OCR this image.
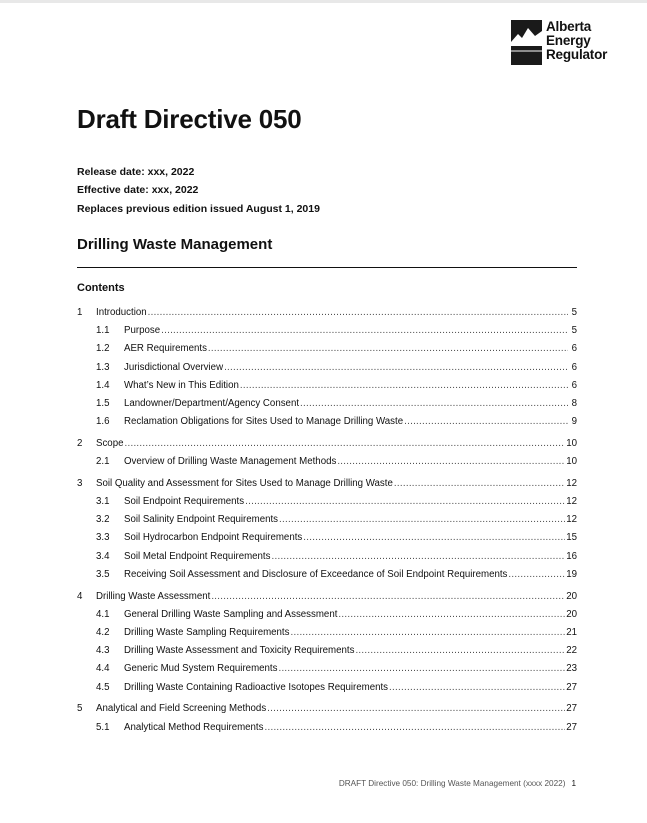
Alberta
Energy
Regulator
Draft Directive 050
Release date: xxx, 2022
Effective date: xxx, 2022
Replaces previous edition issued August 1, 2019
Drilling Waste Management
Contents
1	Introduction .....	5
1.1	Purpose .....	5
1.2	AER Requirements .....	6
1.3	Jurisdictional Overview .....	6
1.4	What’s New in This Edition .....	6
1.5	Landowner/Department/Agency Consent .....	8
1.6	Reclamation Obligations for Sites Used to Manage Drilling Waste .....	9
2	Scope .....	10
2.1	Overview of Drilling Waste Management Methods .....	10
3	Soil Quality and Assessment for Sites Used to Manage Drilling Waste .....	12
3.1	Soil Endpoint Requirements .....	12
3.2	Soil Salinity Endpoint Requirements .....	12
3.3	Soil Hydrocarbon Endpoint Requirements .....	15
3.4	Soil Metal Endpoint Requirements .....	16
3.5	Receiving Soil Assessment and Disclosure of Exceedance of Soil Endpoint Requirements .....	19
4	Drilling Waste Assessment .....	20
4.1	General Drilling Waste Sampling and Assessment .....	20
4.2	Drilling Waste Sampling Requirements .....	21
4.3	Drilling Waste Assessment and Toxicity Requirements .....	22
4.4	Generic Mud System Requirements .....	23
4.5	Drilling Waste Containing Radioactive Isotopes Requirements .....	27
5	Analytical and Field Screening Methods .....	27
5.1	Analytical Method Requirements .....	27
DRAFT Directive 050: Drilling Waste Management (xxxx 2022) 1
